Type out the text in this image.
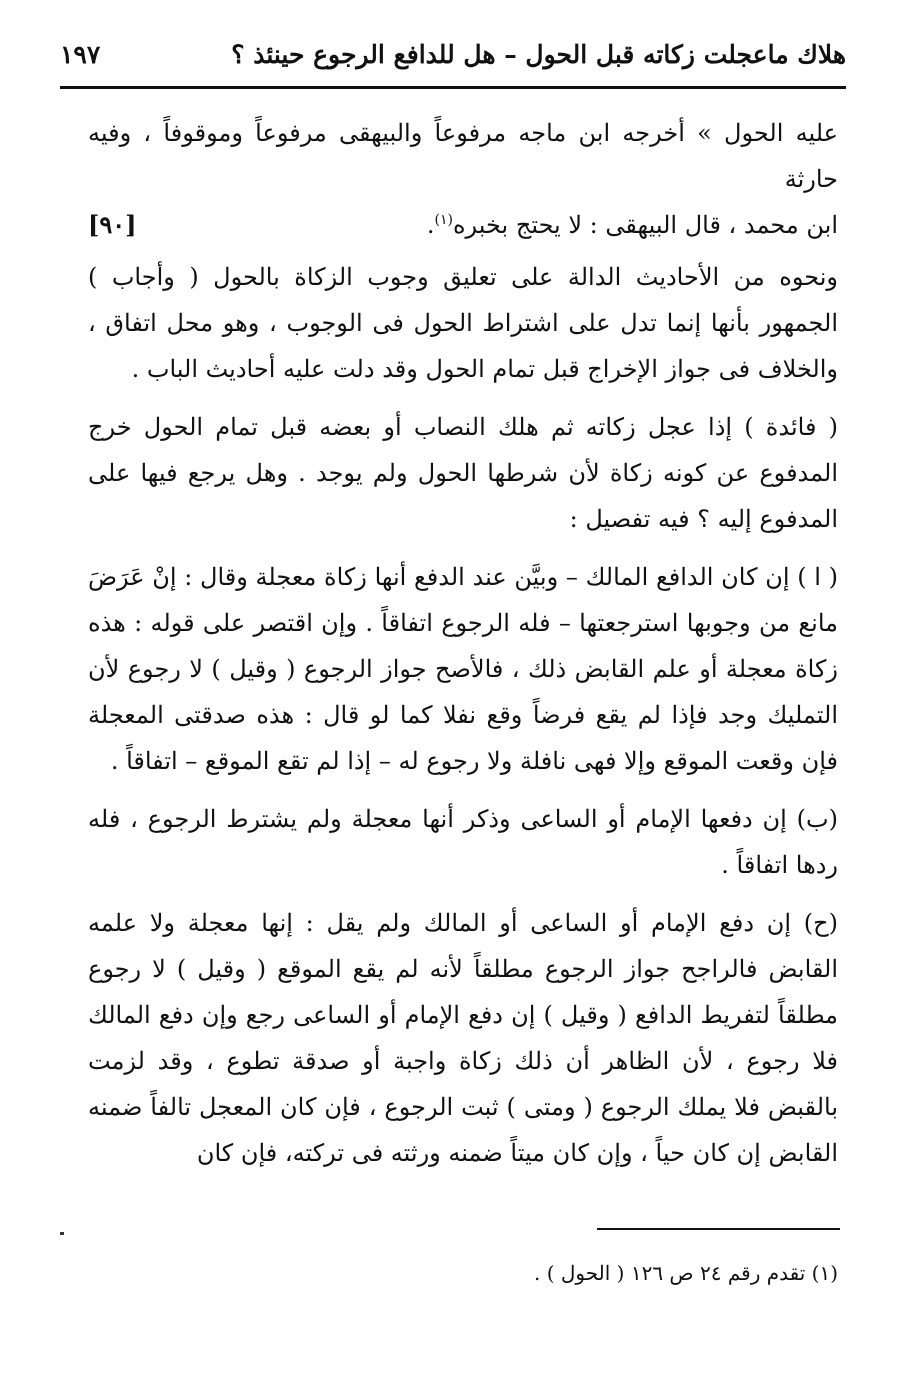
هلاك ماعجلت زكاته قبل الحول – هل للدافع الرجوع حينئذ ؟
١٩٧
عليه الحول » أخرجه ابن ماجه مرفوعاً والبيهقى مرفوعاً وموقوفاً ، وفيه حارثة
ابن محمد ، قال البيهقى : لا يحتج بخبره$^{(١)}$.
[٩٠]

ونحوه من الأحاديث الدالة على تعليق وجوب الزكاة بالحول ( وأجاب ) الجمهور بأنها إنما تدل على اشتراط الحول فى الوجوب ، وهو محل اتفاق ، والخلاف فى جواز الإخراج قبل تمام الحول وقد دلت عليه أحاديث الباب .

( فائدة ) إذا عجل زكاته ثم هلك النصاب أو بعضه قبل تمام الحول خرج المدفوع عن كونه زكاة لأن شرطها الحول ولم يوجد . وهل يرجع فيها على المدفوع إليه ؟ فيه تفصيل :

( ا ) إن كان الدافع المالك – وبيَّن عند الدفع أنها زكاة معجلة وقال : إنْ عَرَضَ مانع من وجوبها استرجعتها – فله الرجوع اتفاقاً . وإن اقتصر على قوله : هذه زكاة معجلة أو علم القابض ذلك ، فالأصح جواز الرجوع ( وقيل ) لا رجوع لأن التمليك وجد فإذا لم يقع فرضاً وقع نفلا كما لو قال : هذه صدقتى المعجلة فإن وقعت الموقع وإلا فهى نافلة ولا رجوع له – إذا لم تقع الموقع – اتفاقاً .

(ب) إن دفعها الإمام أو الساعى وذكر أنها معجلة ولم يشترط الرجوع ، فله ردها اتفاقاً .

(ح) إن دفع الإمام أو الساعى أو المالك ولم يقل : إنها معجلة ولا علمه القابض فالراجح جواز الرجوع مطلقاً لأنه لم يقع الموقع ( وقيل ) لا رجوع مطلقاً لتفريط الدافع ( وقيل ) إن دفع الإمام أو الساعى رجع وإن دفع المالك فلا رجوع ، لأن الظاهر أن ذلك زكاة واجبة أو صدقة تطوع ، وقد لزمت بالقبض فلا يملك الرجوع ( ومتى ) ثبت الرجوع ، فإن كان المعجل تالفاً ضمنه القابض إن كان حياً ، وإن كان ميتاً ضمنه ورثته فى تركته، فإن كان

(١) تقدم رقم ٢٤ ص ١٢٦ ( الحول ) .
